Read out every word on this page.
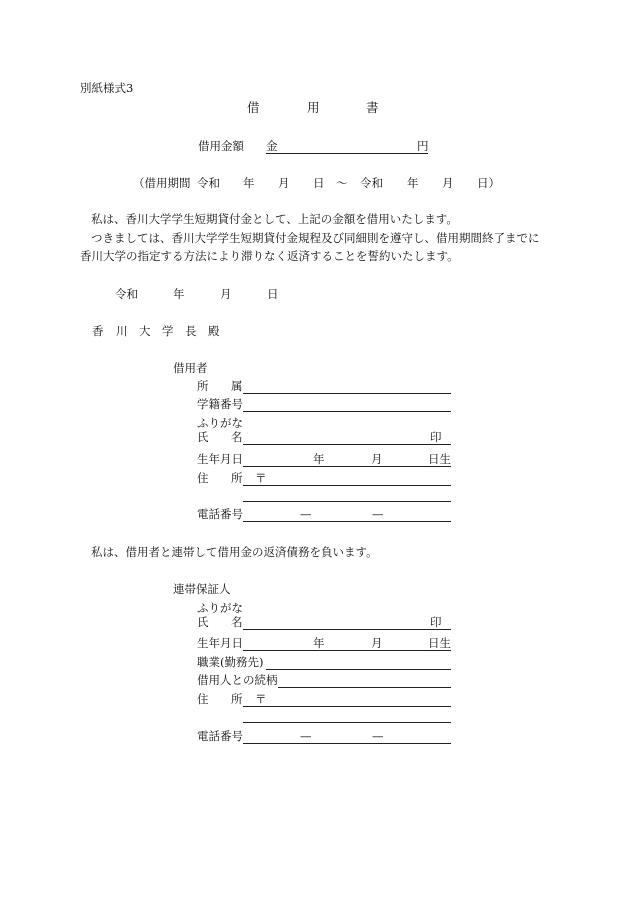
別紙様式3
借	用	書
借用金額 金	円
（借用期間 令和 年 月 日 ～ 令和 年 月 日）
私は、香川大学学生短期貸付金として、上記の金額を借用いたします。
つきましては、香川大学学生短期貸付金規程及び同細則を遵守し、借用期間終了までに
香川大学の指定する方法により滞りなく返済することを誓約いたします。
令和	年	月	日
香 川 大 学 長 殿
借用者
所 属
学籍番号
ふりがな
氏 名	印
生年月日	年	月	日生
住 所 〒
電話番号	—	—
私は、借用者と連帯して借用金の返済債務を負います。
連帯保証人
ふりがな
氏 名	印
生年月日	年	月	日生
職業(勤務先)
借用人との続柄
住 所 〒
電話番号	—	—
